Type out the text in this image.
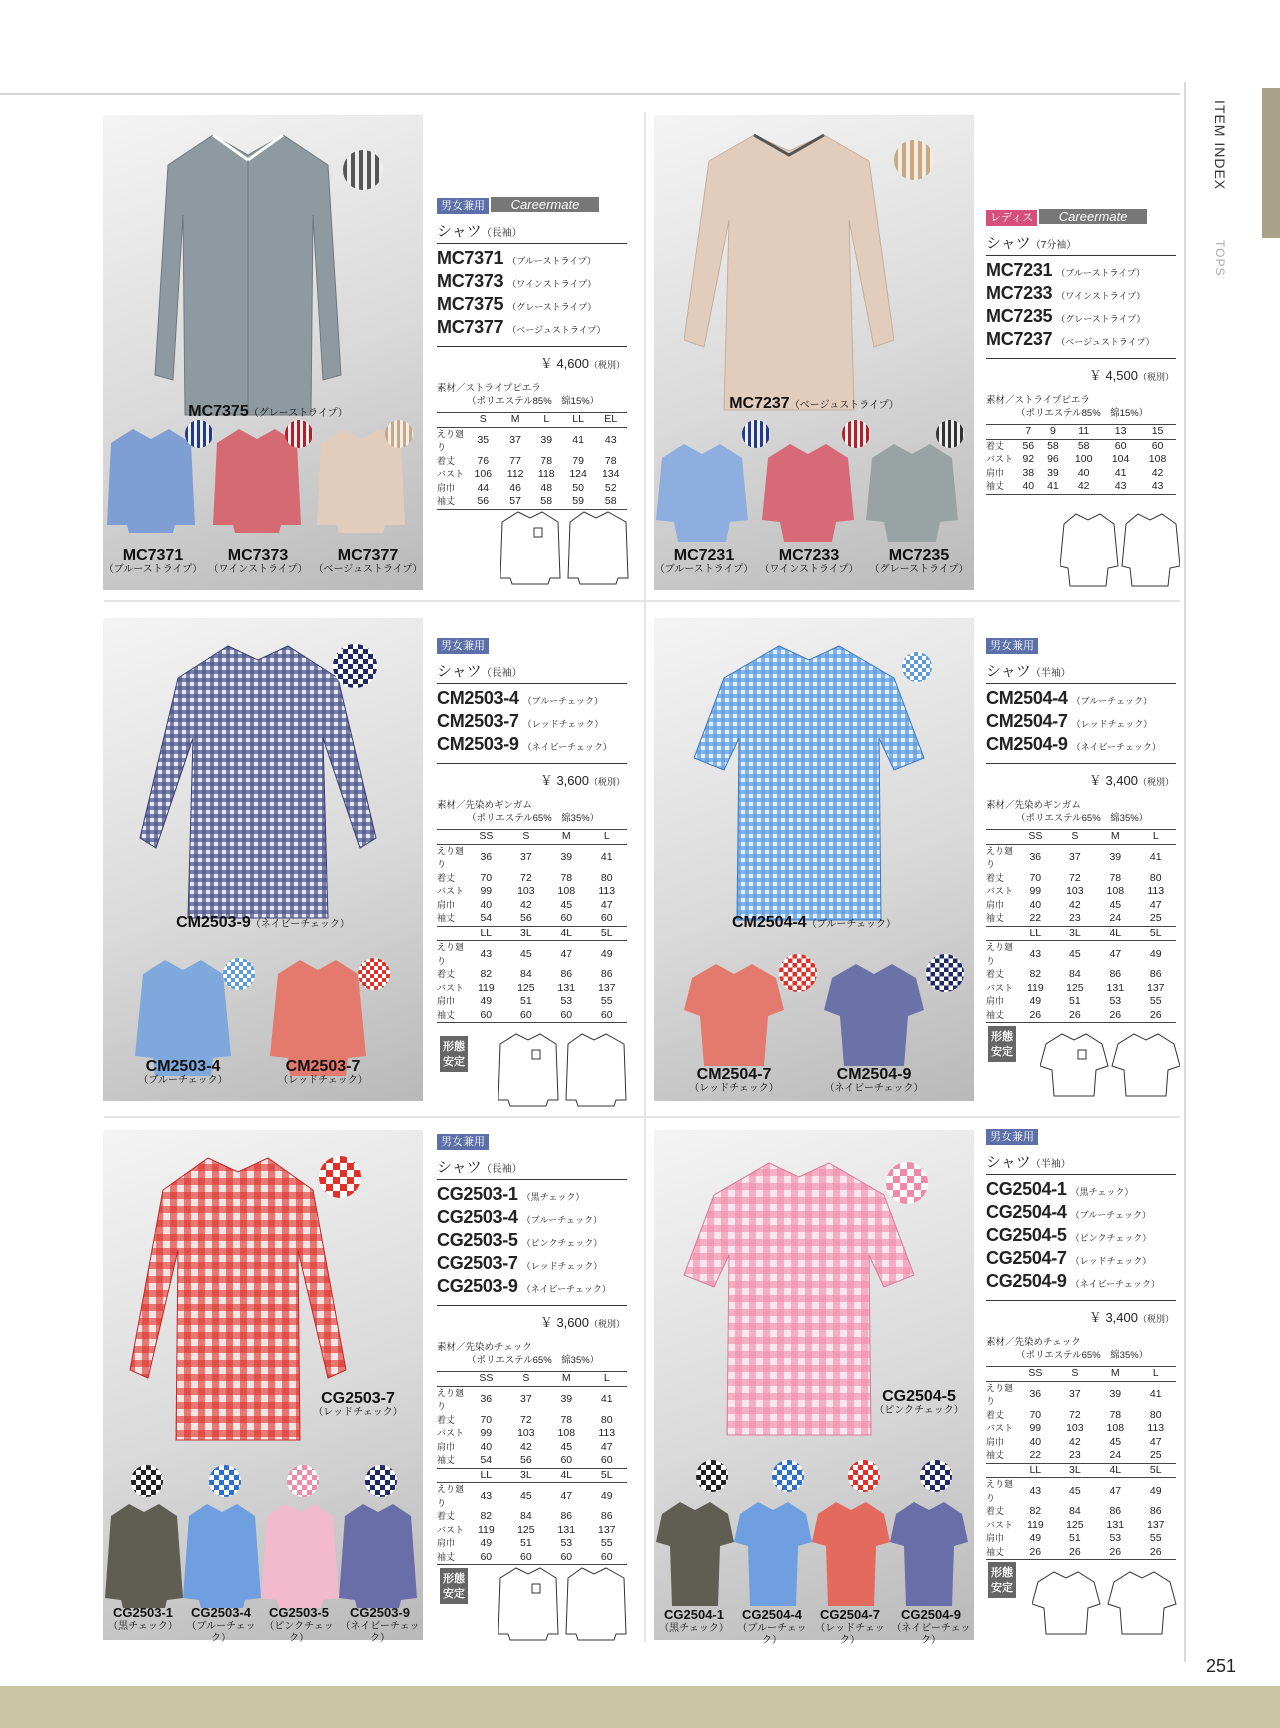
ITEM INDEX
TOPS
251
MC7375（グレーストライプ）
MC7371
（ブルーストライプ）
MC7373
（ワインストライプ）
MC7377
（ベージュストライプ）
男女兼用 Careermate
シャツ（長袖）
MC7371 （ブルーストライプ）
MC7373 （ワインストライプ）
MC7375 （グレーストライプ）
MC7377 （ベージュストライプ）
￥ 4,600（税別）
素材／ストライプピエラ
（ポリエステル85%　綿15%）
	S	M	L	LL	EL
えり廻り	35	37	39	41	43
着丈	76	77	78	79	78
バスト	106	112	118	124	134
肩巾	44	46	48	50	52
袖丈	56	57	58	59	58
MC7237（ベージュストライプ）
MC7231
（ブルーストライプ）
MC7233
（ワインストライプ）
MC7235
（グレーストライプ）
レディス Careermate
シャツ（7分袖）
MC7231 （ブルーストライプ）
MC7233 （ワインストライプ）
MC7235 （グレーストライプ）
MC7237 （ベージュストライプ）
￥ 4,500（税別）
素材／ストライプピエラ
（ポリエステル85%　綿15%）
	7	9	11	13	15
着丈	56	58	58	60	60
バスト	92	96	100	104	108
肩巾	38	39	40	41	42
袖丈	40	41	42	43	43
CM2503-9（ネイビーチェック）
CM2503-4
（ブルーチェック）
CM2503-7
（レッドチェック）
男女兼用
シャツ（長袖）
CM2503-4 （ブルーチェック）
CM2503-7 （レッドチェック）
CM2503-9 （ネイビーチェック）
￥ 3,600（税別）
素材／先染めギンガム
（ポリエステル65%　綿35%）
	SS	S	M	L
えり廻り	36	37	39	41
着丈	70	72	78	80
バスト	99	103	108	113
肩巾	40	42	45	47
袖丈	54	56	60	60
	LL	3L	4L	5L
えり廻り	43	45	47	49
着丈	82	84	86	86
バスト	119	125	131	137
肩巾	49	51	53	55
袖丈	60	60	60	60
形態安定
CM2504-4（ブルーチェック）
CM2504-7
（レッドチェック）
CM2504-9
（ネイビーチェック）
男女兼用
シャツ（半袖）
CM2504-4 （ブルーチェック）
CM2504-7 （レッドチェック）
CM2504-9 （ネイビーチェック）
￥ 3,400（税別）
素材／先染めギンガム
（ポリエステル65%　綿35%）
	SS	S	M	L
えり廻り	36	37	39	41
着丈	70	72	78	80
バスト	99	103	108	113
肩巾	40	42	45	47
袖丈	22	23	24	25
	LL	3L	4L	5L
えり廻り	43	45	47	49
着丈	82	84	86	86
バスト	119	125	131	137
肩巾	49	51	53	55
袖丈	26	26	26	26
形態安定
CG2503-7
（レッドチェック）
CG2503-1
（黒チェック）
CG2503-4
（ブルーチェック）
CG2503-5
（ピンクチェック）
CG2503-9
（ネイビーチェック）
男女兼用
シャツ（長袖）
CG2503-1 （黒チェック）
CG2503-4 （ブルーチェック）
CG2503-5 （ピンクチェック）
CG2503-7 （レッドチェック）
CG2503-9 （ネイビーチェック）
￥ 3,600（税別）
素材／先染めチェック
（ポリエステル65%　綿35%）
	SS	S	M	L
えり廻り	36	37	39	41
着丈	70	72	78	80
バスト	99	103	108	113
肩巾	40	42	45	47
袖丈	54	56	60	60
	LL	3L	4L	5L
えり廻り	43	45	47	49
着丈	82	84	86	86
バスト	119	125	131	137
肩巾	49	51	53	55
袖丈	60	60	60	60
形態安定
CG2504-5
（ピンクチェック）
CG2504-1
（黒チェック）
CG2504-4
（ブルーチェック）
CG2504-7
（レッドチェック）
CG2504-9
（ネイビーチェック）
男女兼用
シャツ（半袖）
CG2504-1 （黒チェック）
CG2504-4 （ブルーチェック）
CG2504-5 （ピンクチェック）
CG2504-7 （レッドチェック）
CG2504-9 （ネイビーチェック）
￥ 3,400（税別）
素材／先染めチェック
（ポリエステル65%　綿35%）
	SS	S	M	L
えり廻り	36	37	39	41
着丈	70	72	78	80
バスト	99	103	108	113
肩巾	40	42	45	47
袖丈	22	23	24	25
	LL	3L	4L	5L
えり廻り	43	45	47	49
着丈	82	84	86	86
バスト	119	125	131	137
肩巾	49	51	53	55
袖丈	26	26	26	26
形態安定
